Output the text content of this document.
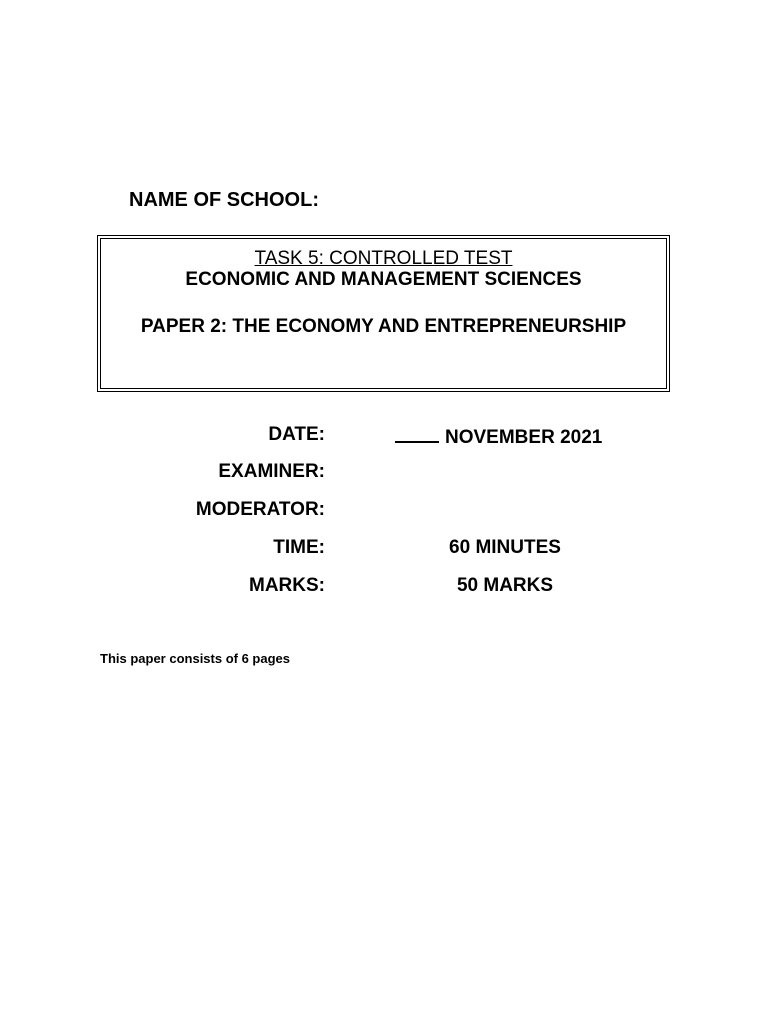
NAME OF SCHOOL:
TASK 5: CONTROLLED TEST
ECONOMIC AND MANAGEMENT SCIENCES
PAPER 2: THE ECONOMY AND ENTREPRENEURSHIP
DATE:	NOVEMBER 2021
EXAMINER:
MODERATOR:
TIME:	60 MINUTES
MARKS:	50 MARKS
This paper consists of 6 pages
